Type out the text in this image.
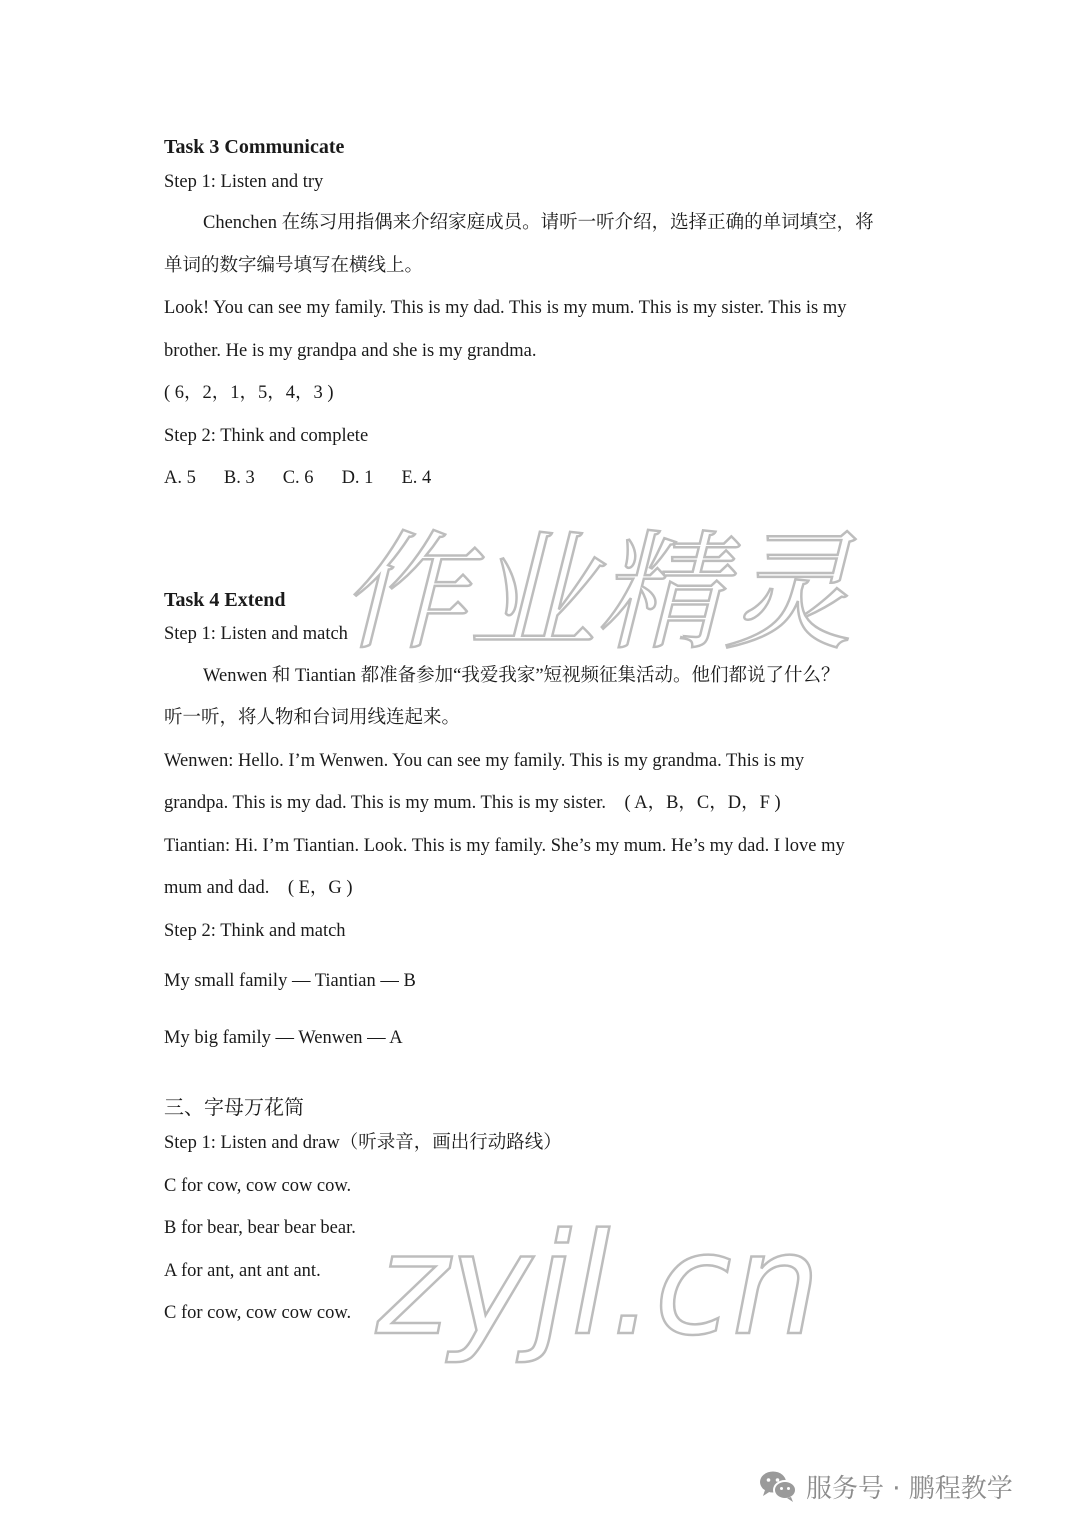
Task 3 Communicate
Step 1: Listen and try
Chenchen 在练习用指偶来介绍家庭成员。请听一听介绍，选择正确的单词填空，将
单词的数字编号填写在横线上。
Look! You can see my family. This is my dad. This is my mum. This is my sister. This is my
brother. He is my grandpa and she is my grandma.
( 6，2，1，5，4，3 )
Step 2: Think and complete
A. 5 B. 3 C. 6 D. 1 E. 4
Task 4 Extend
Step 1: Listen and match
Wenwen 和 Tiantian 都准备参加“我爱我家”短视频征集活动。他们都说了什么？
听一听，将人物和台词用线连起来。
Wenwen: Hello. I’m Wenwen. You can see my family. This is my grandma. This is my
grandpa. This is my dad. This is my mum. This is my sister.　( A，B，C，D，F )
Tiantian: Hi. I’m Tiantian. Look. This is my family. She’s my mum. He’s my dad. I love my
mum and dad.　( E，G )
Step 2: Think and match
My small family — Tiantian — B
My big family — Wenwen — A
三、字母万花筒
Step 1: Listen and draw（听录音，画出行动路线）
C for cow, cow cow cow.
B for bear, bear bear bear.
A for ant, ant ant ant.
C for cow, cow cow cow.
作业精灵
zyjl.cn
服务号 · 鹏程教学
